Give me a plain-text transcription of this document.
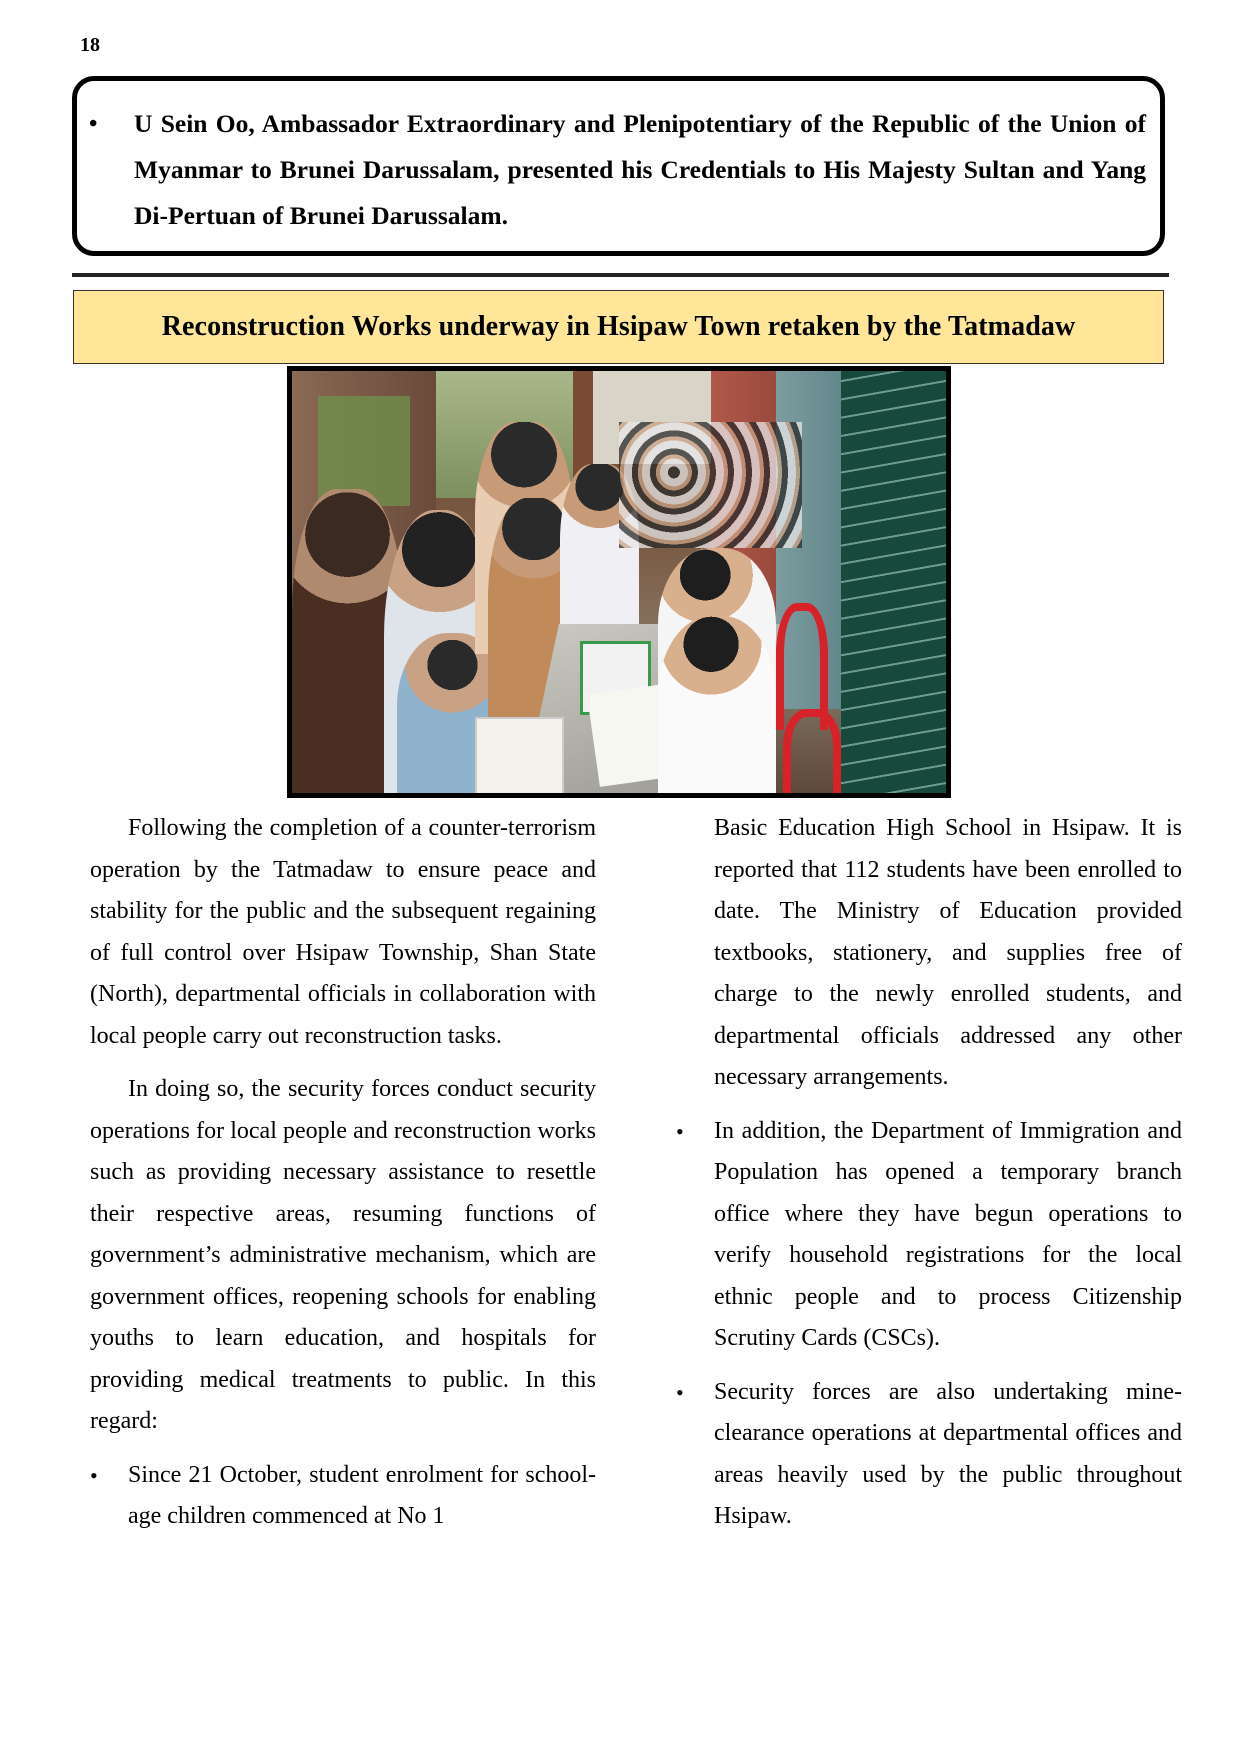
18
•	U Sein Oo, Ambassador Extraordinary and Plenipotentiary of the Republic of the Union of Myanmar to Brunei Darussalam, presented his Credentials to His Majesty Sultan and Yang Di-Pertuan of Brunei Darussalam.
Reconstruction Works underway in Hsipaw Town retaken by the Tatmadaw

Following the completion of a counter-terrorism operation by the Tatmadaw to ensure peace and stability for the public and the subsequent regaining of full control over Hsipaw Township, Shan State (North), departmental officials in collaboration with local people carry out reconstruction tasks.

In doing so, the security forces conduct security operations for local people and reconstruction works such as providing necessary assistance to resettle their respective areas, resuming functions of government’s administrative mechanism, which are government offices, reopening schools for enabling youths to learn education, and hospitals for providing medical treatments to public. In this regard:

•	Since 21 October, student enrolment for school-age children commenced at No 1

Basic Education High School in Hsipaw. It is reported that 112 students have been enrolled to date. The Ministry of Education provided textbooks, stationery, and supplies free of charge to the newly enrolled students, and departmental officials addressed any other necessary arrangements.

•	In addition, the Department of Immigration and Population has opened a temporary branch office where they have begun operations to verify household registrations for the local ethnic people and to process Citizenship Scrutiny Cards (CSCs).
•	Security forces are also undertaking mine-clearance operations at departmental offices and areas heavily used by the public throughout Hsipaw.
